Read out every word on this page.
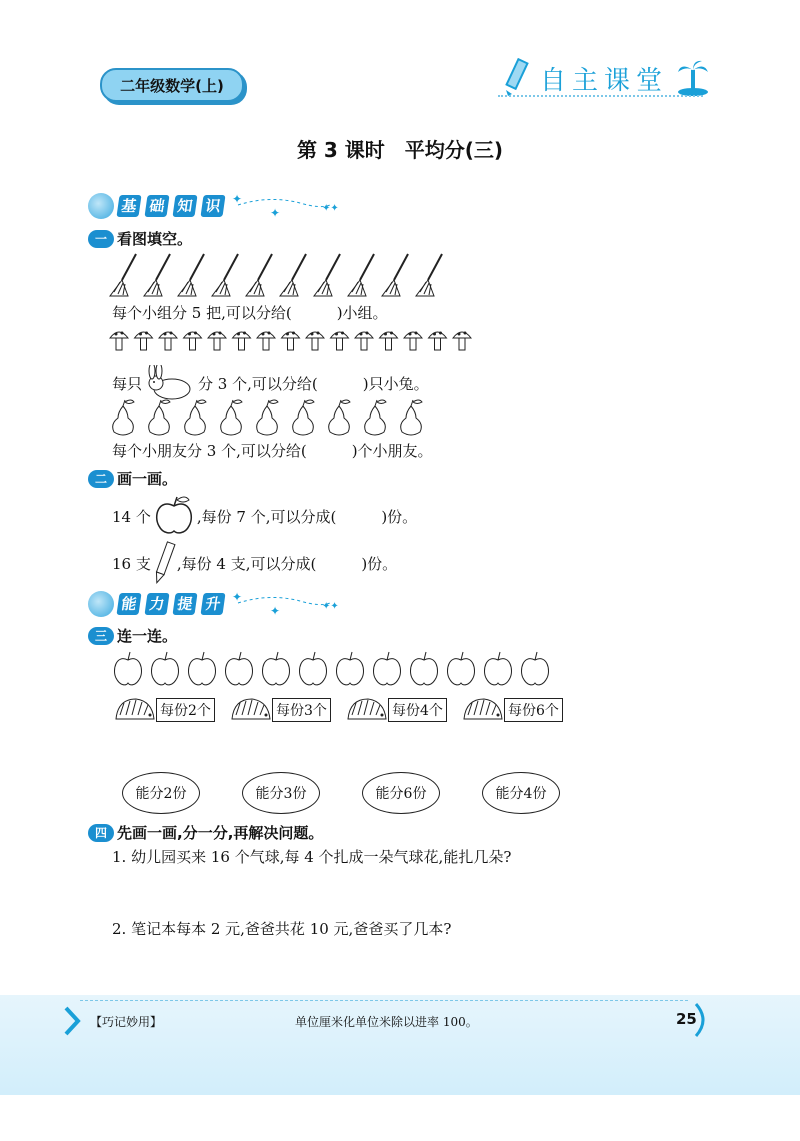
二年级数学(上)	自主课堂
第 3 课时　平均分(三)
基 础 知 识 ✦
✦	✦✦
一 看图填空。
每个小组分 5 把,可以分给(　　　)小组。
每只	分 3 个,可以分给(　　　)只小兔。
每个小朋友分 3 个,可以分给(　　　)个小朋友。
二 画一画。
14 个	,每份 7 个,可以分成(　　　)份。
16 支 ,每份 4 支,可以分成(　　　)份。
能 力 提 升 ✦
✦	✦✦
三 连一连。
每份2个	每份3个	每份4个	每份6个
能分2份	能分3份	能分6份	能分4份
四 先画一画,分一分,再解决问题。
1. 幼儿园买来 16 个气球,每 4 个扎成一朵气球花,能扎几朵?
2. 笔记本每本 2 元,爸爸共花 10 元,爸爸买了几本?
【巧记妙用】	单位厘米化单位米除以进率 100。	25
